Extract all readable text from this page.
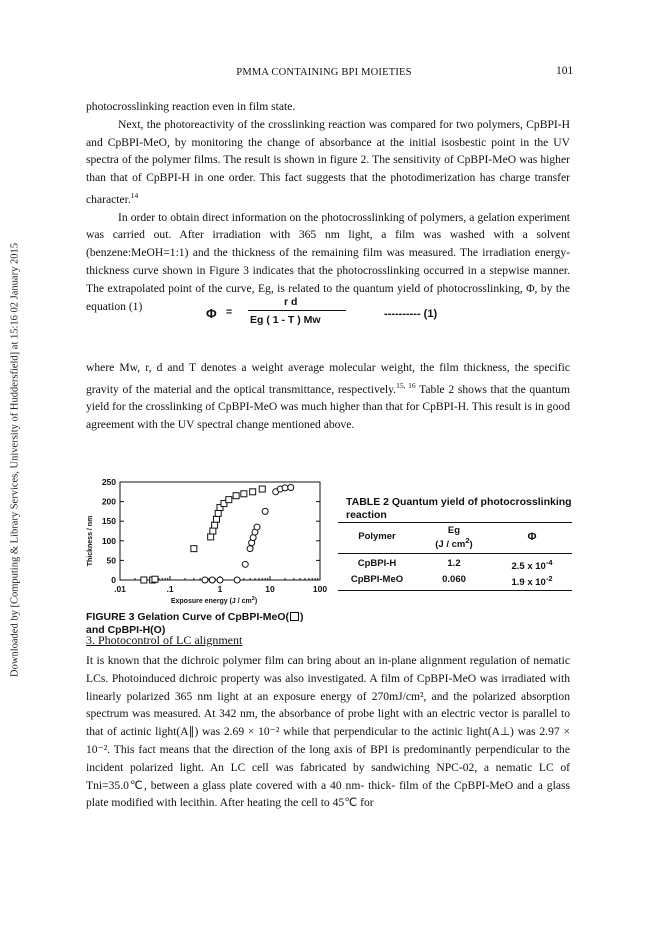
Downloaded by [Computing & Library Services, University of Huddersfield] at 15:16 02 January 2015
PMMA CONTAINING BPI MOIETIES	101

photocrosslinking reaction even in film state.

Next, the photoreactivity of the crosslinking reaction was compared for two polymers, CpBPI-H and CpBPI-MeO, by monitoring the change of absorbance at the initial isosbestic point in the UV spectra of the polymer films. The result is shown in figure 2. The sensitivity of CpBPI-MeO was higher than that of CpBPI-H in one order. This fact suggests that the photodimerization has charge transfer character.$^{14}$

In order to obtain direct information on the photocrosslinking of polymers, a gelation experiment was carried out. After irradiation with 365 nm light, a film was washed with a solvent (benzene:MeOH=1:1) and the thickness of the remaining film was measured. The irradiation energy-thickness curve shown in Figure 3 indicates that the photocrosslinking occurred in a stepwise manner. The extrapolated point of the curve, Eg, is related to the quantum yield of photocrosslinking, Φ, by the equation (1)	Φ =
r d
Eg ( 1 - T ) Mw	---------- (1)

where Mw, r, d and T denotes a weight average molecular weight, the film thickness, the specific gravity of the material and the optical transmittance, respectively.$^{15, 16}$ Table 2 shows that the quantum yield for the crosslinking of CpBPI-MeO was much higher than that for CpBPI-H. This result is in good agreement with the UV spectral change mentioned above.

0
50
100
150
200
250
.01	.1	1	10	100
Exposure energy $(J / cm^2)$
Thickness / nm
FIGURE 3 Gelation Curve of CpBPI-MeO( )
and CpBPI-H(O)
TABLE 2 Quantum yield of photocrosslinking reaction
Polymer
Eg
$(J / cm^2)$
Φ
CpBPI-H	1.2	2.5 x $10^{-4}$
CpBPI-MeO	0.060	1.9 x $10^{-2}$
3. Photocontrol of LC alignment

It is known that the dichroic polymer film can bring about an in-plane alignment regulation of nematic LCs. Photoinduced dichroic property was also investigated. A film of CpBPI-MeO was irradiated with linearly polarized 365 nm light at an exposure energy of 270mJ/cm², and the polarized absorption spectrum was measured. At 342 nm, the absorbance of probe light with an electric vector is parallel to that of actinic light(A∥) was 2.69 × 10⁻² while that perpendicular to the actinic light(A⊥) was 2.97 × 10⁻². This fact means that the direction of the long axis of BPI is predominantly perpendicular to the incident polarized light. An LC cell was fabricated by sandwiching NPC-02, a nematic LC of Tni=35.0℃, between a glass plate covered with a 40 nm- thick- film of the CpBPI-MeO and a glass plate modified with lecithin. After heating the cell to 45℃ for
